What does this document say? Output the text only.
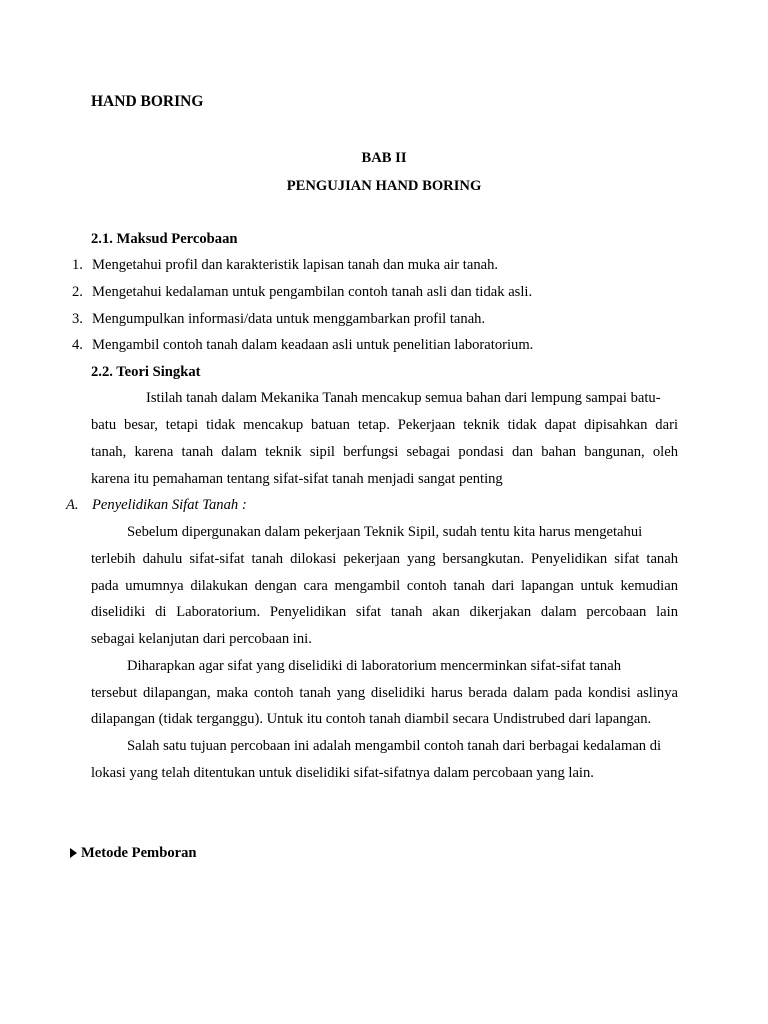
HAND BORING
BAB II
PENGUJIAN HAND BORING
2.1. Maksud Percobaan
1. Mengetahui profil dan karakteristik lapisan tanah dan muka air tanah.
2. Mengetahui kedalaman untuk pengambilan contoh tanah asli dan tidak asli.
3. Mengumpulkan informasi/data untuk menggambarkan profil tanah.
4. Mengambil contoh tanah dalam keadaan asli untuk penelitian laboratorium.
2.2. Teori Singkat
Istilah tanah dalam Mekanika Tanah mencakup semua bahan dari lempung sampai batu-
batu besar, tetapi tidak mencakup batuan tetap. Pekerjaan teknik tidak dapat dipisahkan dari
tanah, karena tanah dalam teknik sipil berfungsi sebagai pondasi dan bahan bangunan, oleh
karena itu pemahaman tentang sifat-sifat tanah menjadi sangat penting
A. Penyelidikan Sifat Tanah :
Sebelum dipergunakan dalam pekerjaan Teknik Sipil, sudah tentu kita harus mengetahui
terlebih dahulu sifat-sifat tanah dilokasi pekerjaan yang bersangkutan. Penyelidikan sifat tanah
pada umumnya dilakukan dengan cara mengambil contoh tanah dari lapangan untuk kemudian
diselidiki di Laboratorium. Penyelidikan sifat tanah akan dikerjakan dalam percobaan lain
sebagai kelanjutan dari percobaan ini.
Diharapkan agar sifat yang diselidiki di laboratorium mencerminkan sifat-sifat tanah
tersebut dilapangan, maka contoh tanah yang diselidiki harus berada dalam pada kondisi aslinya
dilapangan (tidak terganggu). Untuk itu contoh tanah diambil secara Undistrubed dari lapangan.
Salah satu tujuan percobaan ini adalah mengambil contoh tanah dari berbagai kedalaman di
lokasi yang telah ditentukan untuk diselidiki sifat-sifatnya dalam percobaan yang lain.
Metode Pemboran
